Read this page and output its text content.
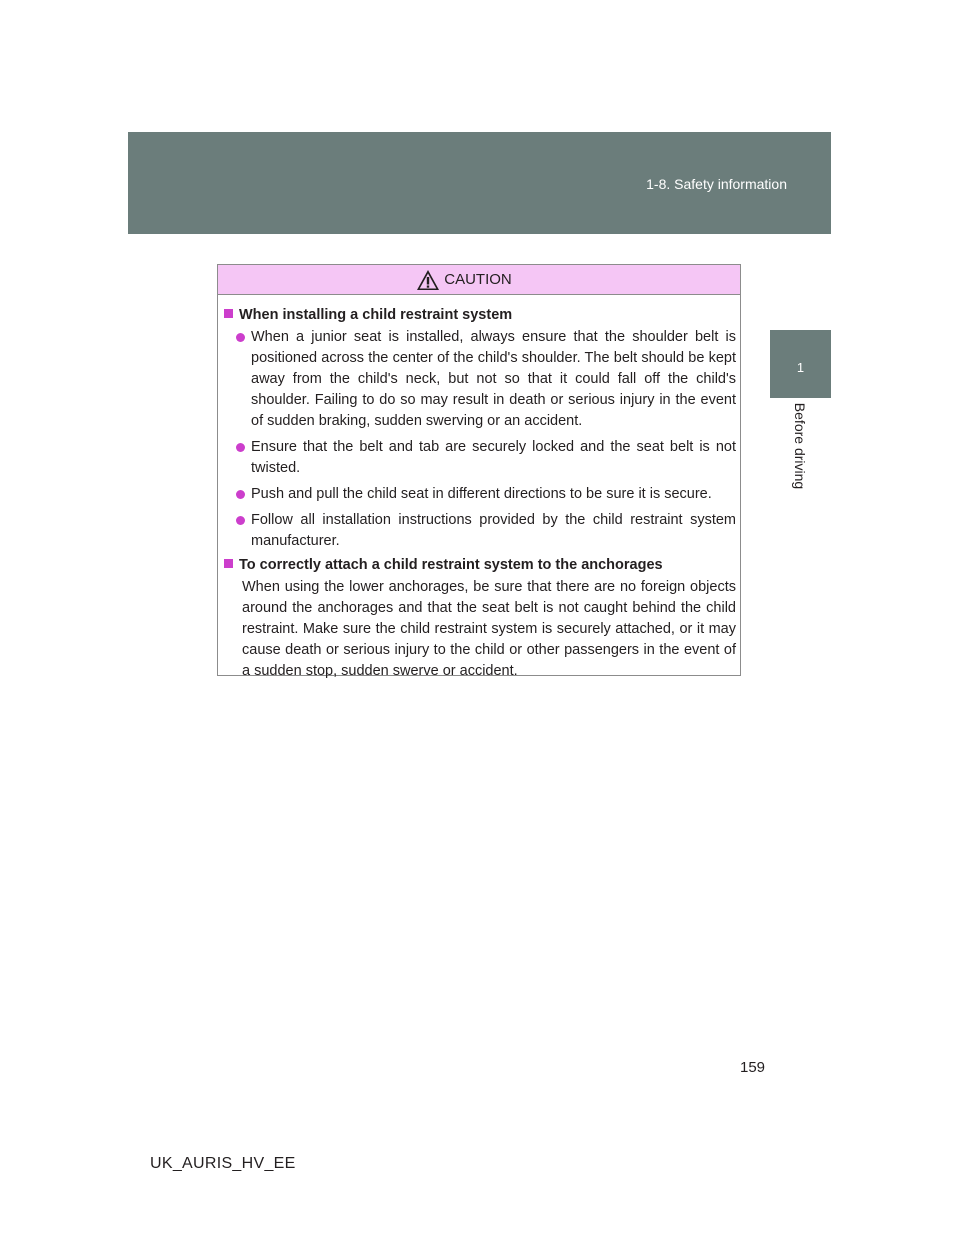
1-8. Safety information
1
Before driving
CAUTION
When installing a child restraint system
When a junior seat is installed, always ensure that the shoulder belt is positioned across the center of the child's shoulder. The belt should be kept away from the child's neck, but not so that it could fall off the child's shoulder. Failing to do so may result in death or serious injury in the event of sudden braking, sudden swerving or an accident.
Ensure that the belt and tab are securely locked and the seat belt is not twisted.
Push and pull the child seat in different directions to be sure it is secure.
Follow all installation instructions provided by the child restraint system manufacturer.
To correctly attach a child restraint system to the anchorages
When using the lower anchorages, be sure that there are no foreign objects around the anchorages and that the seat belt is not caught behind the child restraint. Make sure the child restraint system is securely attached, or it may cause death or serious injury to the child or other passengers in the event of a sudden stop, sudden swerve or accident.
159
UK_AURIS_HV_EE
